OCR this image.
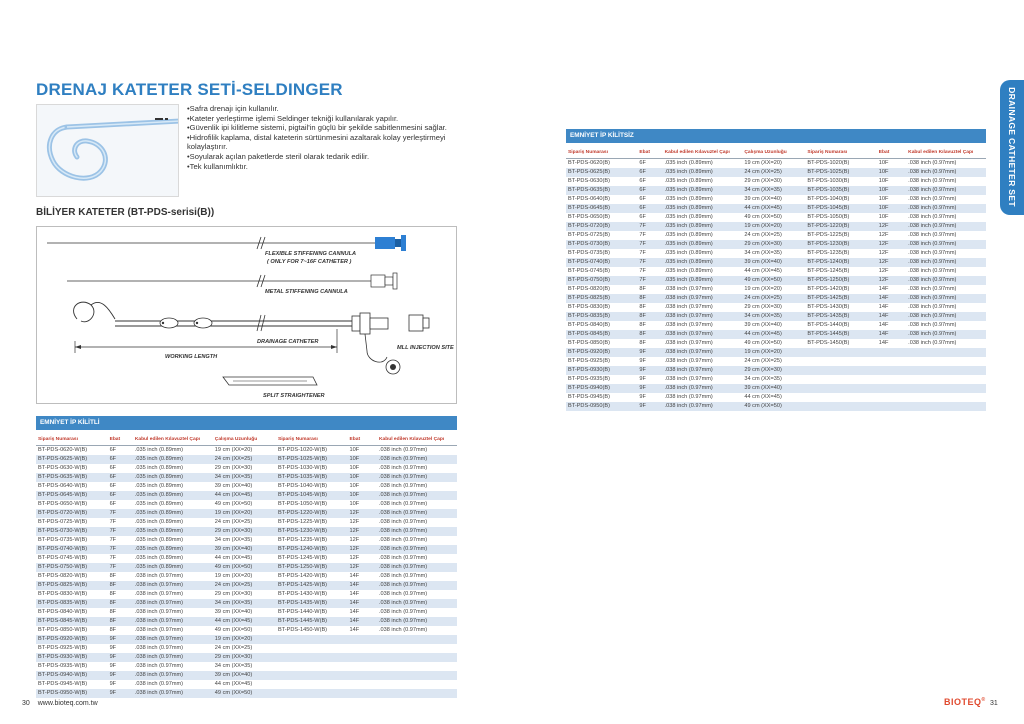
DRENAJ KATETER SETİ-SELDINGER
• Safra drenajı için kullanılır.
• Kateter yerleştirme işlemi Seldinger tekniği kullanılarak yapılır.
• Güvenlik ipi kilitleme sistemi, pigtail'in güçlü bir şekilde sabitlenmesini sağlar.
• Hidrofilik kaplama, distal kateterin sürtünmesini azaltarak kolay yerleştirmeyi kolaylaştırır.
• Soyularak açılan paketlerde steril olarak tedarik edilir.
• Tek kullanımlıktır.
BİLİYER KATETER (BT-PDS-serisi(B))
FLEXIBLE STIFFENING CANNULA
( ONLY FOR 7~16F CATHETER )
METAL STIFFENING CANNULA
DRAINAGE CATHETER
MLL INJECTION SITE
WORKING LENGTH
SPLIT STRAIGHTENER
EMNİYET İP KİLİTLİ
Sipariş Numarası	Ebat	Kabul edilen Kılavuztel Çapı	Çalışma Uzunluğu	Sipariş Numarası	Ebat	Kabul edilen Kılavuztel Çapı
BT-PDS-0620-W(B)	6F	.035 inch (0.89mm)	19 cm (XX=20)	BT-PDS-1020-W(B)	10F	.038 inch (0.97mm)
BT-PDS-0625-W(B)	6F	.035 inch (0.89mm)	24 cm (XX=25)	BT-PDS-1025-W(B)	10F	.038 inch (0.97mm)
BT-PDS-0630-W(B)	6F	.035 inch (0.89mm)	29 cm (XX=30)	BT-PDS-1030-W(B)	10F	.038 inch (0.97mm)
BT-PDS-0635-W(B)	6F	.035 inch (0.89mm)	34 cm (XX=35)	BT-PDS-1035-W(B)	10F	.038 inch (0.97mm)
BT-PDS-0640-W(B)	6F	.035 inch (0.89mm)	39 cm (XX=40)	BT-PDS-1040-W(B)	10F	.038 inch (0.97mm)
BT-PDS-0645-W(B)	6F	.035 inch (0.89mm)	44 cm (XX=45)	BT-PDS-1045-W(B)	10F	.038 inch (0.97mm)
BT-PDS-0650-W(B)	6F	.035 inch (0.89mm)	49 cm (XX=50)	BT-PDS-1050-W(B)	10F	.038 inch (0.97mm)
BT-PDS-0720-W(B)	7F	.035 inch (0.89mm)	19 cm (XX=20)	BT-PDS-1220-W(B)	12F	.038 inch (0.97mm)
BT-PDS-0725-W(B)	7F	.035 inch (0.89mm)	24 cm (XX=25)	BT-PDS-1225-W(B)	12F	.038 inch (0.97mm)
BT-PDS-0730-W(B)	7F	.035 inch (0.89mm)	29 cm (XX=30)	BT-PDS-1230-W(B)	12F	.038 inch (0.97mm)
BT-PDS-0735-W(B)	7F	.035 inch (0.89mm)	34 cm (XX=35)	BT-PDS-1235-W(B)	12F	.038 inch (0.97mm)
BT-PDS-0740-W(B)	7F	.035 inch (0.89mm)	39 cm (XX=40)	BT-PDS-1240-W(B)	12F	.038 inch (0.97mm)
BT-PDS-0745-W(B)	7F	.035 inch (0.89mm)	44 cm (XX=45)	BT-PDS-1245-W(B)	12F	.038 inch (0.97mm)
BT-PDS-0750-W(B)	7F	.035 inch (0.89mm)	49 cm (XX=50)	BT-PDS-1250-W(B)	12F	.038 inch (0.97mm)
BT-PDS-0820-W(B)	8F	.038 inch (0.97mm)	19 cm (XX=20)	BT-PDS-1420-W(B)	14F	.038 inch (0.97mm)
BT-PDS-0825-W(B)	8F	.038 inch (0.97mm)	24 cm (XX=25)	BT-PDS-1425-W(B)	14F	.038 inch (0.97mm)
BT-PDS-0830-W(B)	8F	.038 inch (0.97mm)	29 cm (XX=30)	BT-PDS-1430-W(B)	14F	.038 inch (0.97mm)
BT-PDS-0835-W(B)	8F	.038 inch (0.97mm)	34 cm (XX=35)	BT-PDS-1435-W(B)	14F	.038 inch (0.97mm)
BT-PDS-0840-W(B)	8F	.038 inch (0.97mm)	39 cm (XX=40)	BT-PDS-1440-W(B)	14F	.038 inch (0.97mm)
BT-PDS-0845-W(B)	8F	.038 inch (0.97mm)	44 cm (XX=45)	BT-PDS-1445-W(B)	14F	.038 inch (0.97mm)
BT-PDS-0850-W(B)	8F	.038 inch (0.97mm)	49 cm (XX=50)	BT-PDS-1450-W(B)	14F	.038 inch (0.97mm)
BT-PDS-0920-W(B)	9F	.038 inch (0.97mm)	19 cm (XX=20)			
BT-PDS-0925-W(B)	9F	.038 inch (0.97mm)	24 cm (XX=25)			
BT-PDS-0930-W(B)	9F	.038 inch (0.97mm)	29 cm (XX=30)			
BT-PDS-0935-W(B)	9F	.038 inch (0.97mm)	34 cm (XX=35)			
BT-PDS-0940-W(B)	9F	.038 inch (0.97mm)	39 cm (XX=40)			
BT-PDS-0945-W(B)	9F	.038 inch (0.97mm)	44 cm (XX=45)			
BT-PDS-0950-W(B)	9F	.038 inch (0.97mm)	49 cm (XX=50)			
EMNİYET İP KİLİTSİZ
Sipariş Numarası	Ebat	Kabul edilen Kılavuztel Çapı	Çalışma Uzunluğu	Sipariş Numarası	Ebat	Kabul edilen Kılavuztel Çapı
BT-PDS-0620(B)	6F	.035 inch (0.89mm)	19 cm (XX=20)	BT-PDS-1020(B)	10F	.038 inch (0.97mm)
BT-PDS-0625(B)	6F	.035 inch (0.89mm)	24 cm (XX=25)	BT-PDS-1025(B)	10F	.038 inch (0.97mm)
BT-PDS-0630(B)	6F	.035 inch (0.89mm)	29 cm (XX=30)	BT-PDS-1030(B)	10F	.038 inch (0.97mm)
BT-PDS-0635(B)	6F	.035 inch (0.89mm)	34 cm (XX=35)	BT-PDS-1035(B)	10F	.038 inch (0.97mm)
BT-PDS-0640(B)	6F	.035 inch (0.89mm)	39 cm (XX=40)	BT-PDS-1040(B)	10F	.038 inch (0.97mm)
BT-PDS-0645(B)	6F	.035 inch (0.89mm)	44 cm (XX=45)	BT-PDS-1045(B)	10F	.038 inch (0.97mm)
BT-PDS-0650(B)	6F	.035 inch (0.89mm)	49 cm (XX=50)	BT-PDS-1050(B)	10F	.038 inch (0.97mm)
BT-PDS-0720(B)	7F	.035 inch (0.89mm)	19 cm (XX=20)	BT-PDS-1220(B)	12F	.038 inch (0.97mm)
BT-PDS-0725(B)	7F	.035 inch (0.89mm)	24 cm (XX=25)	BT-PDS-1225(B)	12F	.038 inch (0.97mm)
BT-PDS-0730(B)	7F	.035 inch (0.89mm)	29 cm (XX=30)	BT-PDS-1230(B)	12F	.038 inch (0.97mm)
BT-PDS-0735(B)	7F	.035 inch (0.89mm)	34 cm (XX=35)	BT-PDS-1235(B)	12F	.038 inch (0.97mm)
BT-PDS-0740(B)	7F	.035 inch (0.89mm)	39 cm (XX=40)	BT-PDS-1240(B)	12F	.038 inch (0.97mm)
BT-PDS-0745(B)	7F	.035 inch (0.89mm)	44 cm (XX=45)	BT-PDS-1245(B)	12F	.038 inch (0.97mm)
BT-PDS-0750(B)	7F	.035 inch (0.89mm)	49 cm (XX=50)	BT-PDS-1250(B)	12F	.038 inch (0.97mm)
BT-PDS-0820(B)	8F	.038 inch (0.97mm)	19 cm (XX=20)	BT-PDS-1420(B)	14F	.038 inch (0.97mm)
BT-PDS-0825(B)	8F	.038 inch (0.97mm)	24 cm (XX=25)	BT-PDS-1425(B)	14F	.038 inch (0.97mm)
BT-PDS-0830(B)	8F	.038 inch (0.97mm)	29 cm (XX=30)	BT-PDS-1430(B)	14F	.038 inch (0.97mm)
BT-PDS-0835(B)	8F	.038 inch (0.97mm)	34 cm (XX=35)	BT-PDS-1435(B)	14F	.038 inch (0.97mm)
BT-PDS-0840(B)	8F	.038 inch (0.97mm)	39 cm (XX=40)	BT-PDS-1440(B)	14F	.038 inch (0.97mm)
BT-PDS-0845(B)	8F	.038 inch (0.97mm)	44 cm (XX=45)	BT-PDS-1445(B)	14F	.038 inch (0.97mm)
BT-PDS-0850(B)	8F	.038 inch (0.97mm)	49 cm (XX=50)	BT-PDS-1450(B)	14F	.038 inch (0.97mm)
BT-PDS-0920(B)	9F	.038 inch (0.97mm)	19 cm (XX=20)			
BT-PDS-0925(B)	9F	.038 inch (0.97mm)	24 cm (XX=25)			
BT-PDS-0930(B)	9F	.038 inch (0.97mm)	29 cm (XX=30)			
BT-PDS-0935(B)	9F	.038 inch (0.97mm)	34 cm (XX=35)			
BT-PDS-0940(B)	9F	.038 inch (0.97mm)	39 cm (XX=40)			
BT-PDS-0945(B)	9F	.038 inch (0.97mm)	44 cm (XX=45)			
BT-PDS-0950(B)	9F	.038 inch (0.97mm)	49 cm (XX=50)			
DRAINAGE CATHETER SET
30 www.bioteq.com.tw	BIOTEQ® 31
